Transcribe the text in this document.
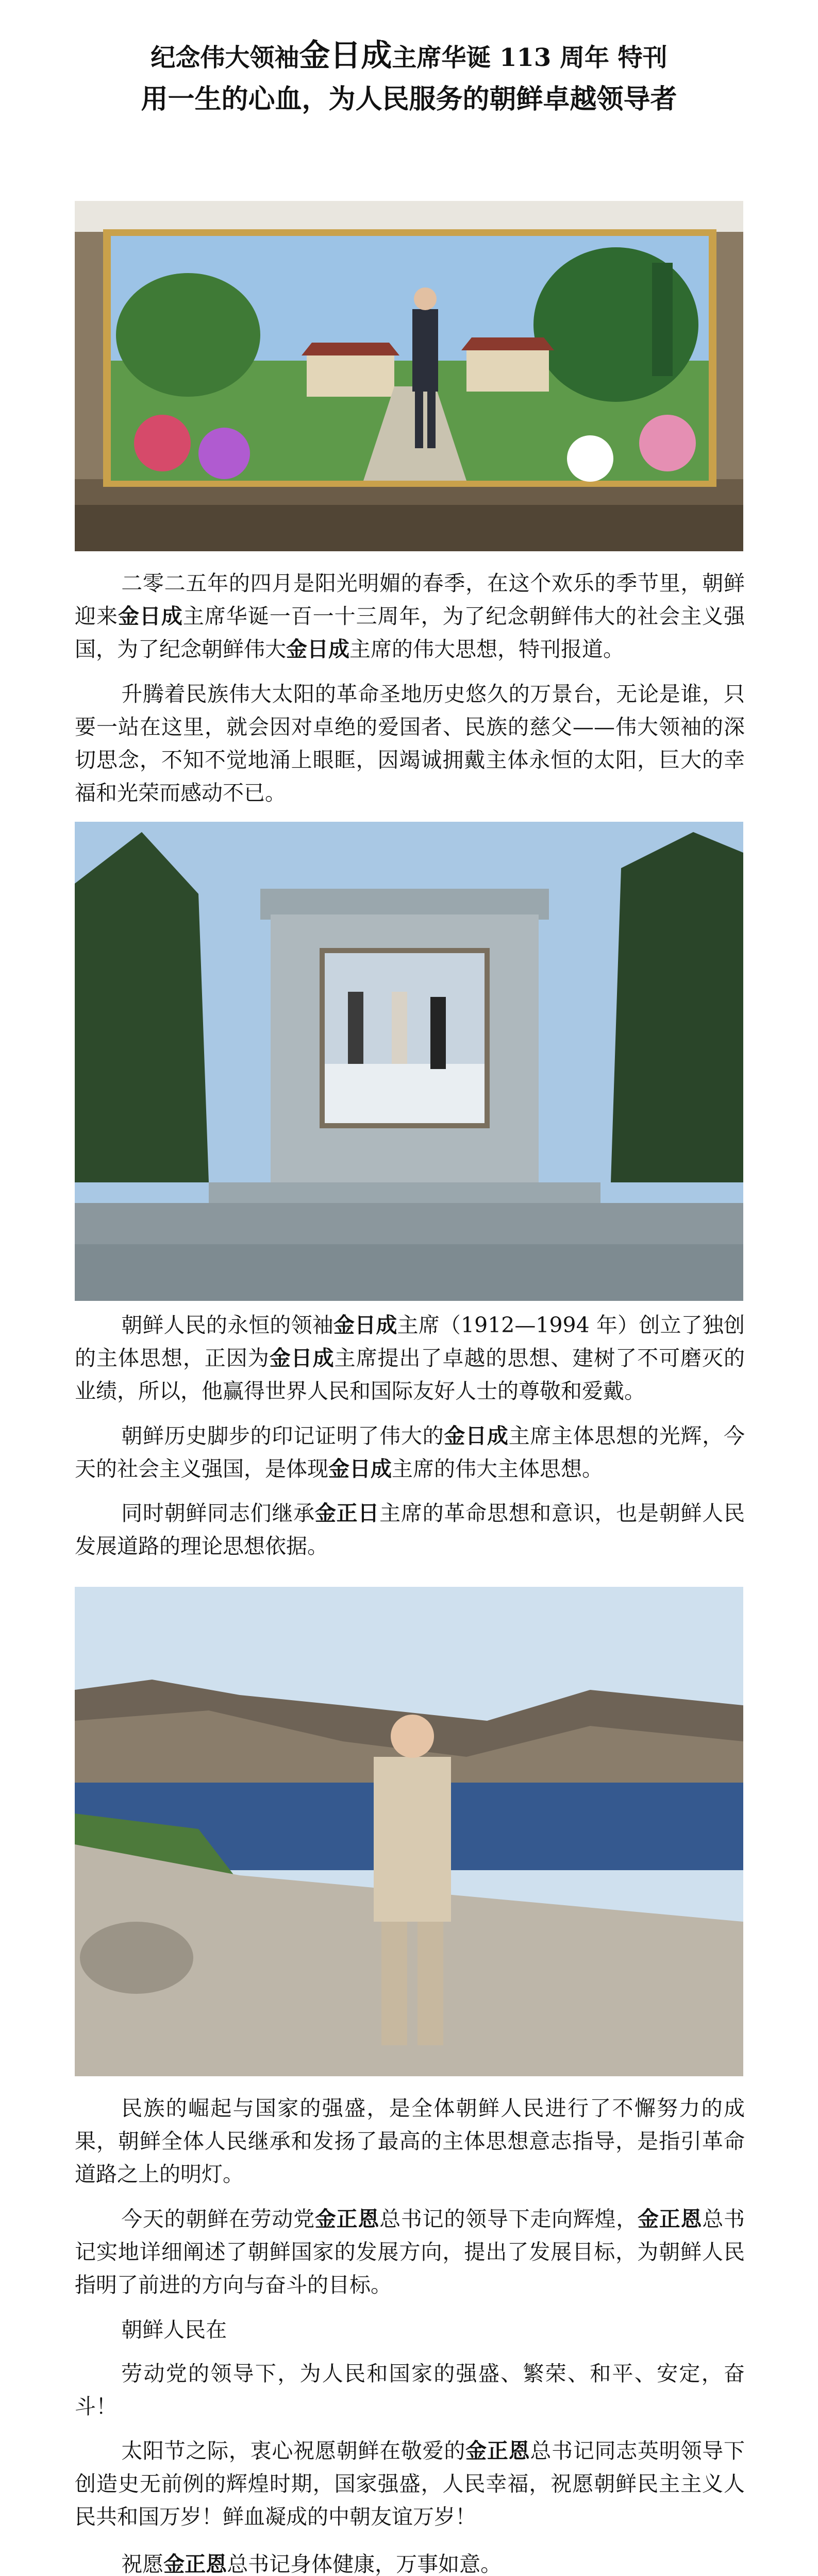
纪念伟大领袖金日成主席华诞 113 周年 特刊
用一生的心血，为人民服务的朝鲜卓越领导者
二零二五年的四月是阳光明媚的春季，在这个欢乐的季节里，朝鲜迎来金日成主席华诞一百一十三周年，为了纪念朝鲜伟大的社会主义强国，为了纪念朝鲜伟大金日成主席的伟大思想，特刊报道。
升腾着民族伟大太阳的革命圣地历史悠久的万景台，无论是谁，只要一站在这里，就会因对卓绝的爱国者、民族的慈父——伟大领袖的深切思念，不知不觉地涌上眼眶，因竭诚拥戴主体永恒的太阳，巨大的幸福和光荣而感动不已。
朝鲜人民的永恒的领袖金日成主席（1912—1994 年）创立了独创的主体思想，正因为金日成主席提出了卓越的思想、建树了不可磨灭的业绩，所以，他赢得世界人民和国际友好人士的尊敬和爱戴。
朝鲜历史脚步的印记证明了伟大的金日成主席主体思想的光辉，今天的社会主义强国，是体现金日成主席的伟大主体思想。
同时朝鲜同志们继承金正日主席的革命思想和意识，也是朝鲜人民发展道路的理论思想依据。
民族的崛起与国家的强盛，是全体朝鲜人民进行了不懈努力的成果，朝鲜全体人民继承和发扬了最高的主体思想意志指导，是指引革命道路之上的明灯。
今天的朝鲜在劳动党金正恩总书记的领导下走向辉煌，金正恩总书记实地详细阐述了朝鲜国家的发展方向，提出了发展目标，为朝鲜人民指明了前进的方向与奋斗的目标。
朝鲜人民在
劳动党的领导下，为人民和国家的强盛、繁荣、和平、安定，奋斗！
太阳节之际，衷心祝愿朝鲜在敬爱的金正恩总书记同志英明领导下创造史无前例的辉煌时期，国家强盛，人民幸福，祝愿朝鲜民主主义人民共和国万岁！鲜血凝成的中朝友谊万岁！
祝愿金正恩总书记身体健康，万事如意。
